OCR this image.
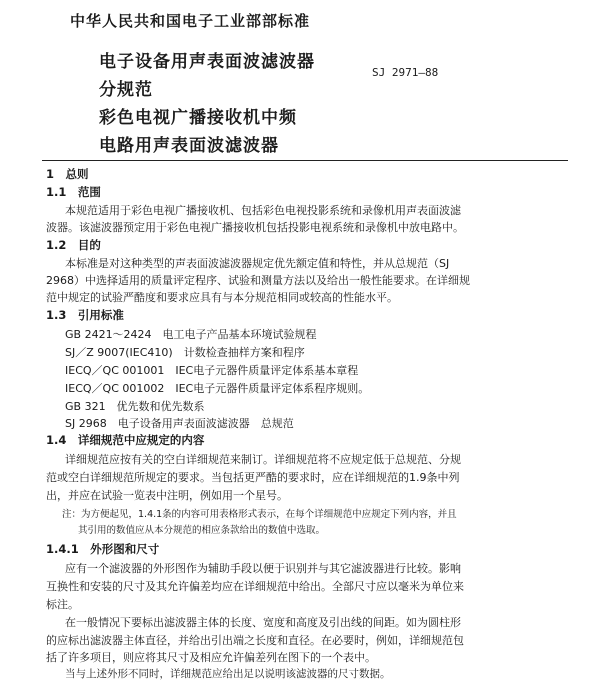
中华人民共和国电子工业部部标准

电子设备用声表面波滤波器

分规范

彩色电视广播接收机中频

电路用声表面波滤波器

SJ 2971—88

1　总则

1.1　范围

本规范适用于彩色电视广播接收机、包括彩色电视投影系统和录像机用声表面波滤

波器。该滤波器预定用于彩色电视广播接收机包括投影电视系统和录像机中放电路中。

1.2　目的

本标准是对这种类型的声表面波滤波器规定优先额定值和特性，并从总规范（SJ

2968）中选择适用的质量评定程序、试验和测量方法以及给出一般性能要求。在详细规

范中规定的试验严酷度和要求应具有与本分规范相同或较高的性能水平。

1.3　引用标准

GB 2421～2424　电工电子产品基本环境试验规程

SJ／Z 9007(IEC410)　计数检查抽样方案和程序

IECQ／QC 001001　IEC电子元器件质量评定体系基本章程

IECQ／QC 001002　IEC电子元器件质量评定体系程序规则。

GB 321　优先数和优先数系

SJ 2968　电子设备用声表面波滤波器　总规范

1.4　详细规范中应规定的内容

详细规范应按有关的空白详细规范来制订。详细规范将不应规定低于总规范、分规

范或空白详细规范所规定的要求。当包括更严酷的要求时，应在详细规范的1.9条中列

出，并应在试验一览表中注明，例如用一个星号。

注：为方便起见，1.4.1条的内容可用表格形式表示，在每个详细规范中应规定下列内容，并且

其引用的数值应从本分规范的相应条款给出的数值中选取。

1.4.1　外形图和尺寸

应有一个滤波器的外形图作为辅助手段以便于识别并与其它滤波器进行比较。影响

互换性和安装的尺寸及其允许偏差均应在详细规范中给出。全部尺寸应以毫米为单位来

标注。

在一般情况下要标出滤波器主体的长度、宽度和高度及引出线的间距。如为圆柱形

的应标出滤波器主体直径，并给出引出端之长度和直径。在必要时，例如，详细规范包

括了许多项目，则应将其尺寸及相应允许偏差列在图下的一个表中。

当与上述外形不同时，详细规范应给出足以说明该滤波器的尺寸数据。
